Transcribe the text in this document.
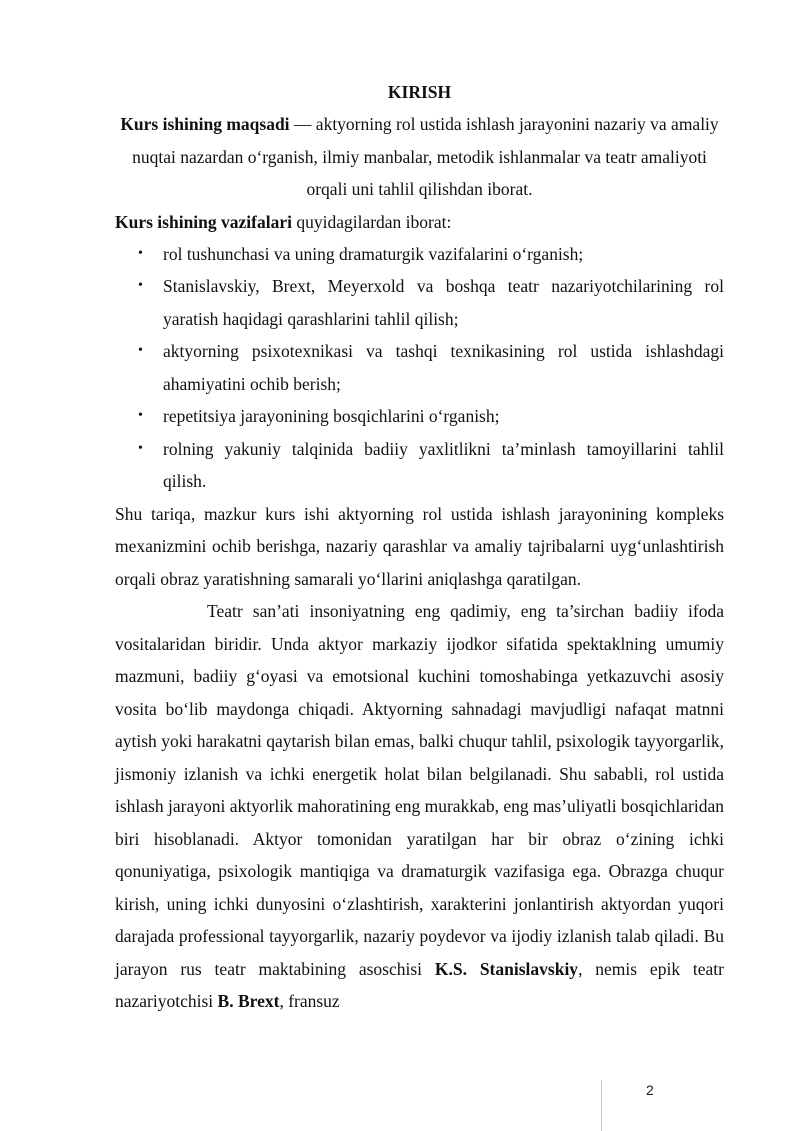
KIRISH

Kurs ishining maqsadi — aktyorning rol ustida ishlash jarayonini nazariy va amaliy nuqtai nazardan o‘rganish, ilmiy manbalar, metodik ishlanmalar va teatr amaliyoti orqali uni tahlil qilishdan iborat.

Kurs ishining vazifalari quyidagilardan iborat:

• rol tushunchasi va uning dramaturgik vazifalarini o‘rganish;
• Stanislavskiy, Brext, Meyerxold va boshqa teatr nazariyotchilarining rol yaratish haqidagi qarashlarini tahlil qilish;
• aktyorning psixotexnikasi va tashqi texnikasining rol ustida ishlashdagi ahamiyatini ochib berish;
• repetitsiya jarayonining bosqichlarini o‘rganish;
• rolning yakuniy talqinida badiiy yaxlitlikni ta’minlash tamoyillarini tahlil qilish.

Shu tariqa, mazkur kurs ishi aktyorning rol ustida ishlash jarayonining kompleks mexanizmini ochib berishga, nazariy qarashlar va amaliy tajribalarni uyg‘unlashtirish orqali obraz yaratishning samarali yo‘llarini aniqlashga qaratilgan.

Teatr san’ati insoniyatning eng qadimiy, eng ta’sirchan badiiy ifoda vositalaridan biridir. Unda aktyor markaziy ijodkor sifatida spektaklning umumiy mazmuni, badiiy g‘oyasi va emotsional kuchini tomoshabinga yetkazuvchi asosiy vosita bo‘lib maydonga chiqadi. Aktyorning sahnadagi mavjudligi nafaqat matnni aytish yoki harakatni qaytarish bilan emas, balki chuqur tahlil, psixologik tayyorgarlik, jismoniy izlanish va ichki energetik holat bilan belgilanadi. Shu sababli, rol ustida ishlash jarayoni aktyorlik mahoratining eng murakkab, eng mas’uliyatli bosqichlaridan biri hisoblanadi. Aktyor tomonidan yaratilgan har bir obraz o‘zining ichki qonuniyatiga, psixologik mantiqiga va dramaturgik vazifasiga ega. Obrazga chuqur kirish, uning ichki dunyosini o‘zlashtirish, xarakterini jonlantirish aktyordan yuqori darajada professional tayyorgarlik, nazariy poydevor va ijodiy izlanish talab qiladi. Bu jarayon rus teatr maktabining asoschisi K.S. Stanislavskiy, nemis epik teatr nazariyotchisi B. Brext, fransuz

2
